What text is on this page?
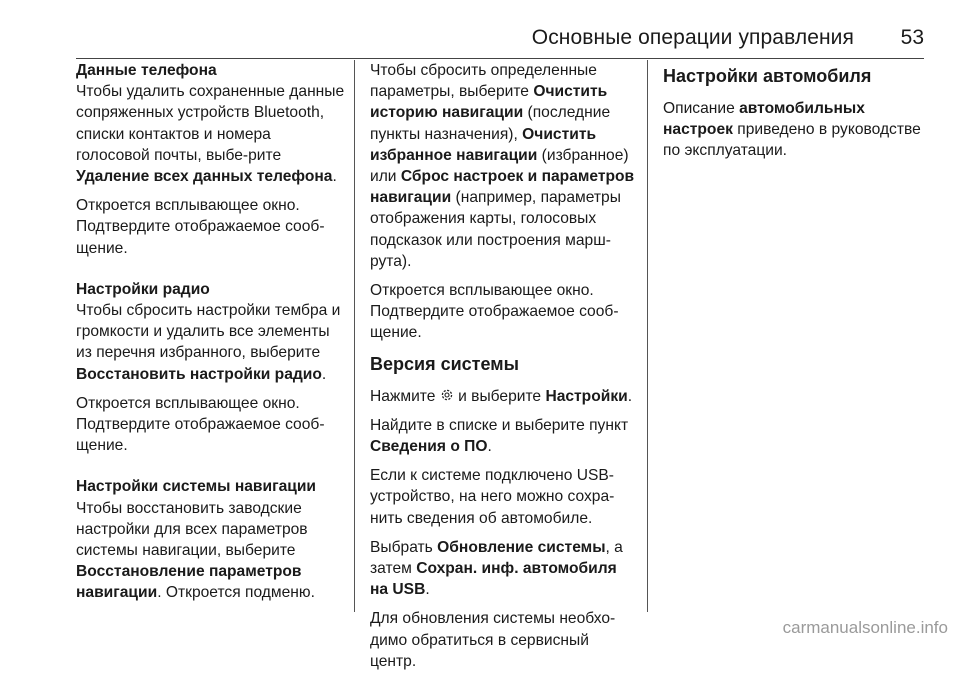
Основные операции управления 53

Данные телефона

Чтобы удалить сохраненные данные сопряженных устройств Bluetooth, списки контактов и номера голосовой почты, выбе-рите Удаление всех данных телефона.

Откроется всплывающее окно. Подтвердите отображаемое сооб-щение.

Настройки радио

Чтобы сбросить настройки тембра и громкости и удалить все элементы из перечня избранного, выберите Восстановить настройки радио.

Откроется всплывающее окно. Подтвердите отображаемое сооб-щение.

Настройки системы навигации

Чтобы восстановить заводские настройки для всех параметров системы навигации, выберите Восстановление параметров навигации. Откроется подменю.

Чтобы сбросить определенные параметры, выберите Очистить историю навигации (последние пункты назначения), Очистить избранное навигации (избранное) или Сброс настроек и параметров навигации (например, параметры отображения карты, голосовых подсказок или построения марш-рута).

Откроется всплывающее окно. Подтвердите отображаемое сооб-щение.

Версия системы

Нажмите  и выберите Настройки.

Найдите в списке и выберите пункт Сведения о ПО.

Если к системе подключено USB-устройство, на него можно сохра-нить сведения об автомобиле.

Выбрать Обновление системы, а затем Сохран. инф. автомобиля на USB.

Для обновления системы необхо-димо обратиться в сервисный центр.

Настройки автомобиля

Описание автомобильных настроек приведено в руководстве по эксплуатации.

carmanualsonline.info
